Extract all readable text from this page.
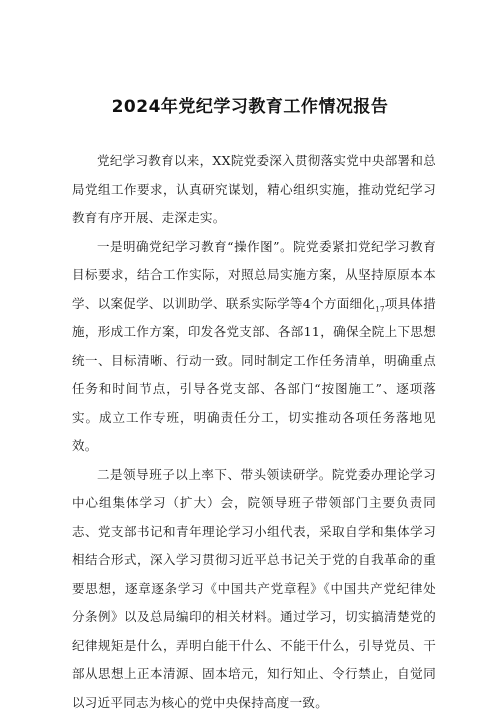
2024年党纪学习教育工作情况报告

党纪学习教育以来，XX院党委深入贯彻落实党中央部署和总局党组工作要求，认真研究谋划，精心组织实施，推动党纪学习教育有序开展、走深走实。

一是明确党纪学习教育“操作图”。院党委紧扣党纪学习教育目标要求，结合工作实际，对照总局实施方案，从坚持原原本本学、以案促学、以训助学、联系实际学等4个方面细化$_{17}$项具体措施，形成工作方案，印发各党支部、各部11，确保全院上下思想统一、目标清晰、行动一致。同时制定工作任务清单，明确重点任务和时间节点，引导各党支部、各部门“按图施工”、逐项落实。成立工作专班，明确责任分工，切实推动各项任务落地见效。

二是领导班子以上率下、带头领读研学。院党委办理论学习中心组集体学习（扩大）会，院领导班子带领部门主要负责同志、党支部书记和青年理论学习小组代表，采取自学和集体学习相结合形式，深入学习贯彻习近平总书记关于党的自我革命的重要思想，逐章逐条学习《中国共产党章程》《中国共产党纪律处分条例》以及总局编印的相关材料。通过学习，切实搞清楚党的纪律规矩是什么，弄明白能干什么、不能干什么，引导党员、干部从思想上正本清源、固本培元，知行知止、令行禁止，自觉同以习近平同志为核心的党中央保持高度一致。
